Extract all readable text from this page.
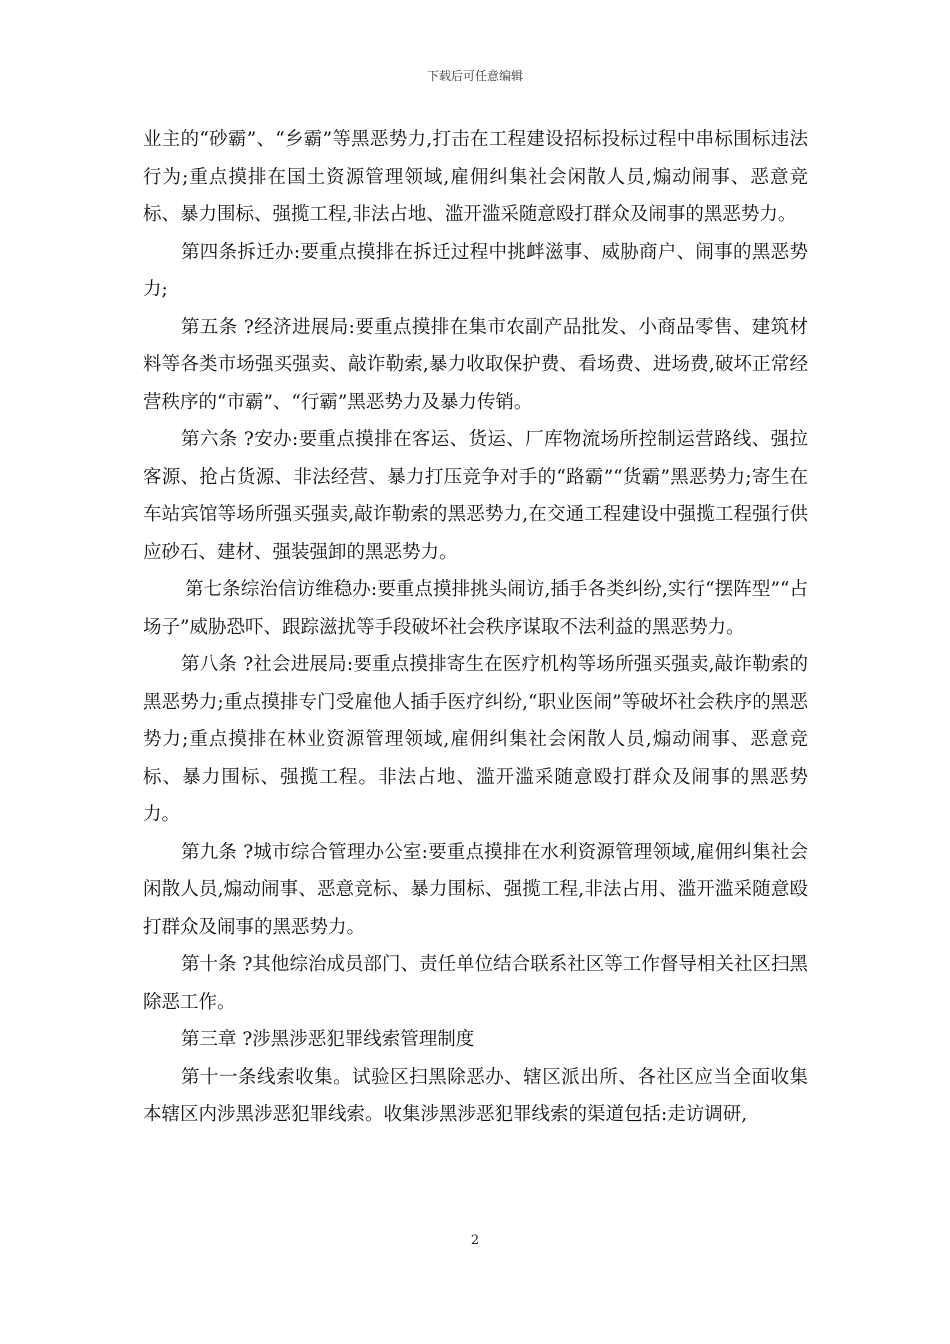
下载后可任意编辑

业主的“砂霸”、“乡霸”等黑恶势力,打击在工程建设招标投标过程中串标围标违法行为;重点摸排在国土资源管理领域,雇佣纠集社会闲散人员,煽动闹事、恶意竞标、暴力围标、强揽工程,非法占地、滥开滥采随意殴打群众及闹事的黑恶势力。

第四条拆迁办:要重点摸排在拆迁过程中挑衅滋事、威胁商户、闹事的黑恶势力;

第五条 ?经济进展局:要重点摸排在集市农副产品批发、小商品零售、建筑材料等各类市场强买强卖、敲诈勒索,暴力收取保护费、看场费、进场费,破坏正常经营秩序的“市霸”、“行霸”黑恶势力及暴力传销。

第六条 ?安办:要重点摸排在客运、货运、厂库物流场所控制运营路线、强拉客源、抢占货源、非法经营、暴力打压竞争对手的“路霸”“货霸”黑恶势力;寄生在车站宾馆等场所强买强卖,敲诈勒索的黑恶势力,在交通工程建设中强揽工程强行供应砂石、建材、强装强卸的黑恶势力。

第七条综治信访维稳办:要重点摸排挑头闹访,插手各类纠纷,实行“摆阵型”“占场子”威胁恐吓、跟踪滋扰等手段破坏社会秩序谋取不法利益的黑恶势力。

第八条 ?社会进展局:要重点摸排寄生在医疗机构等场所强买强卖,敲诈勒索的黑恶势力;重点摸排专门受雇他人插手医疗纠纷,“职业医闹”等破坏社会秩序的黑恶势力;重点摸排在林业资源管理领域,雇佣纠集社会闲散人员,煽动闹事、恶意竞标、暴力围标、强揽工程。非法占地、滥开滥采随意殴打群众及闹事的黑恶势力。

第九条 ?城市综合管理办公室:要重点摸排在水利资源管理领域,雇佣纠集社会闲散人员,煽动闹事、恶意竞标、暴力围标、强揽工程,非法占用、滥开滥采随意殴打群众及闹事的黑恶势力。

第十条 ?其他综治成员部门、责任单位结合联系社区等工作督导相关社区扫黑除恶工作。

第三章 ?涉黑涉恶犯罪线索管理制度

第十一条线索收集。试验区扫黑除恶办、辖区派出所、各社区应当全面收集本辖区内涉黑涉恶犯罪线索。收集涉黑涉恶犯罪线索的渠道包括:走访调研,

2
